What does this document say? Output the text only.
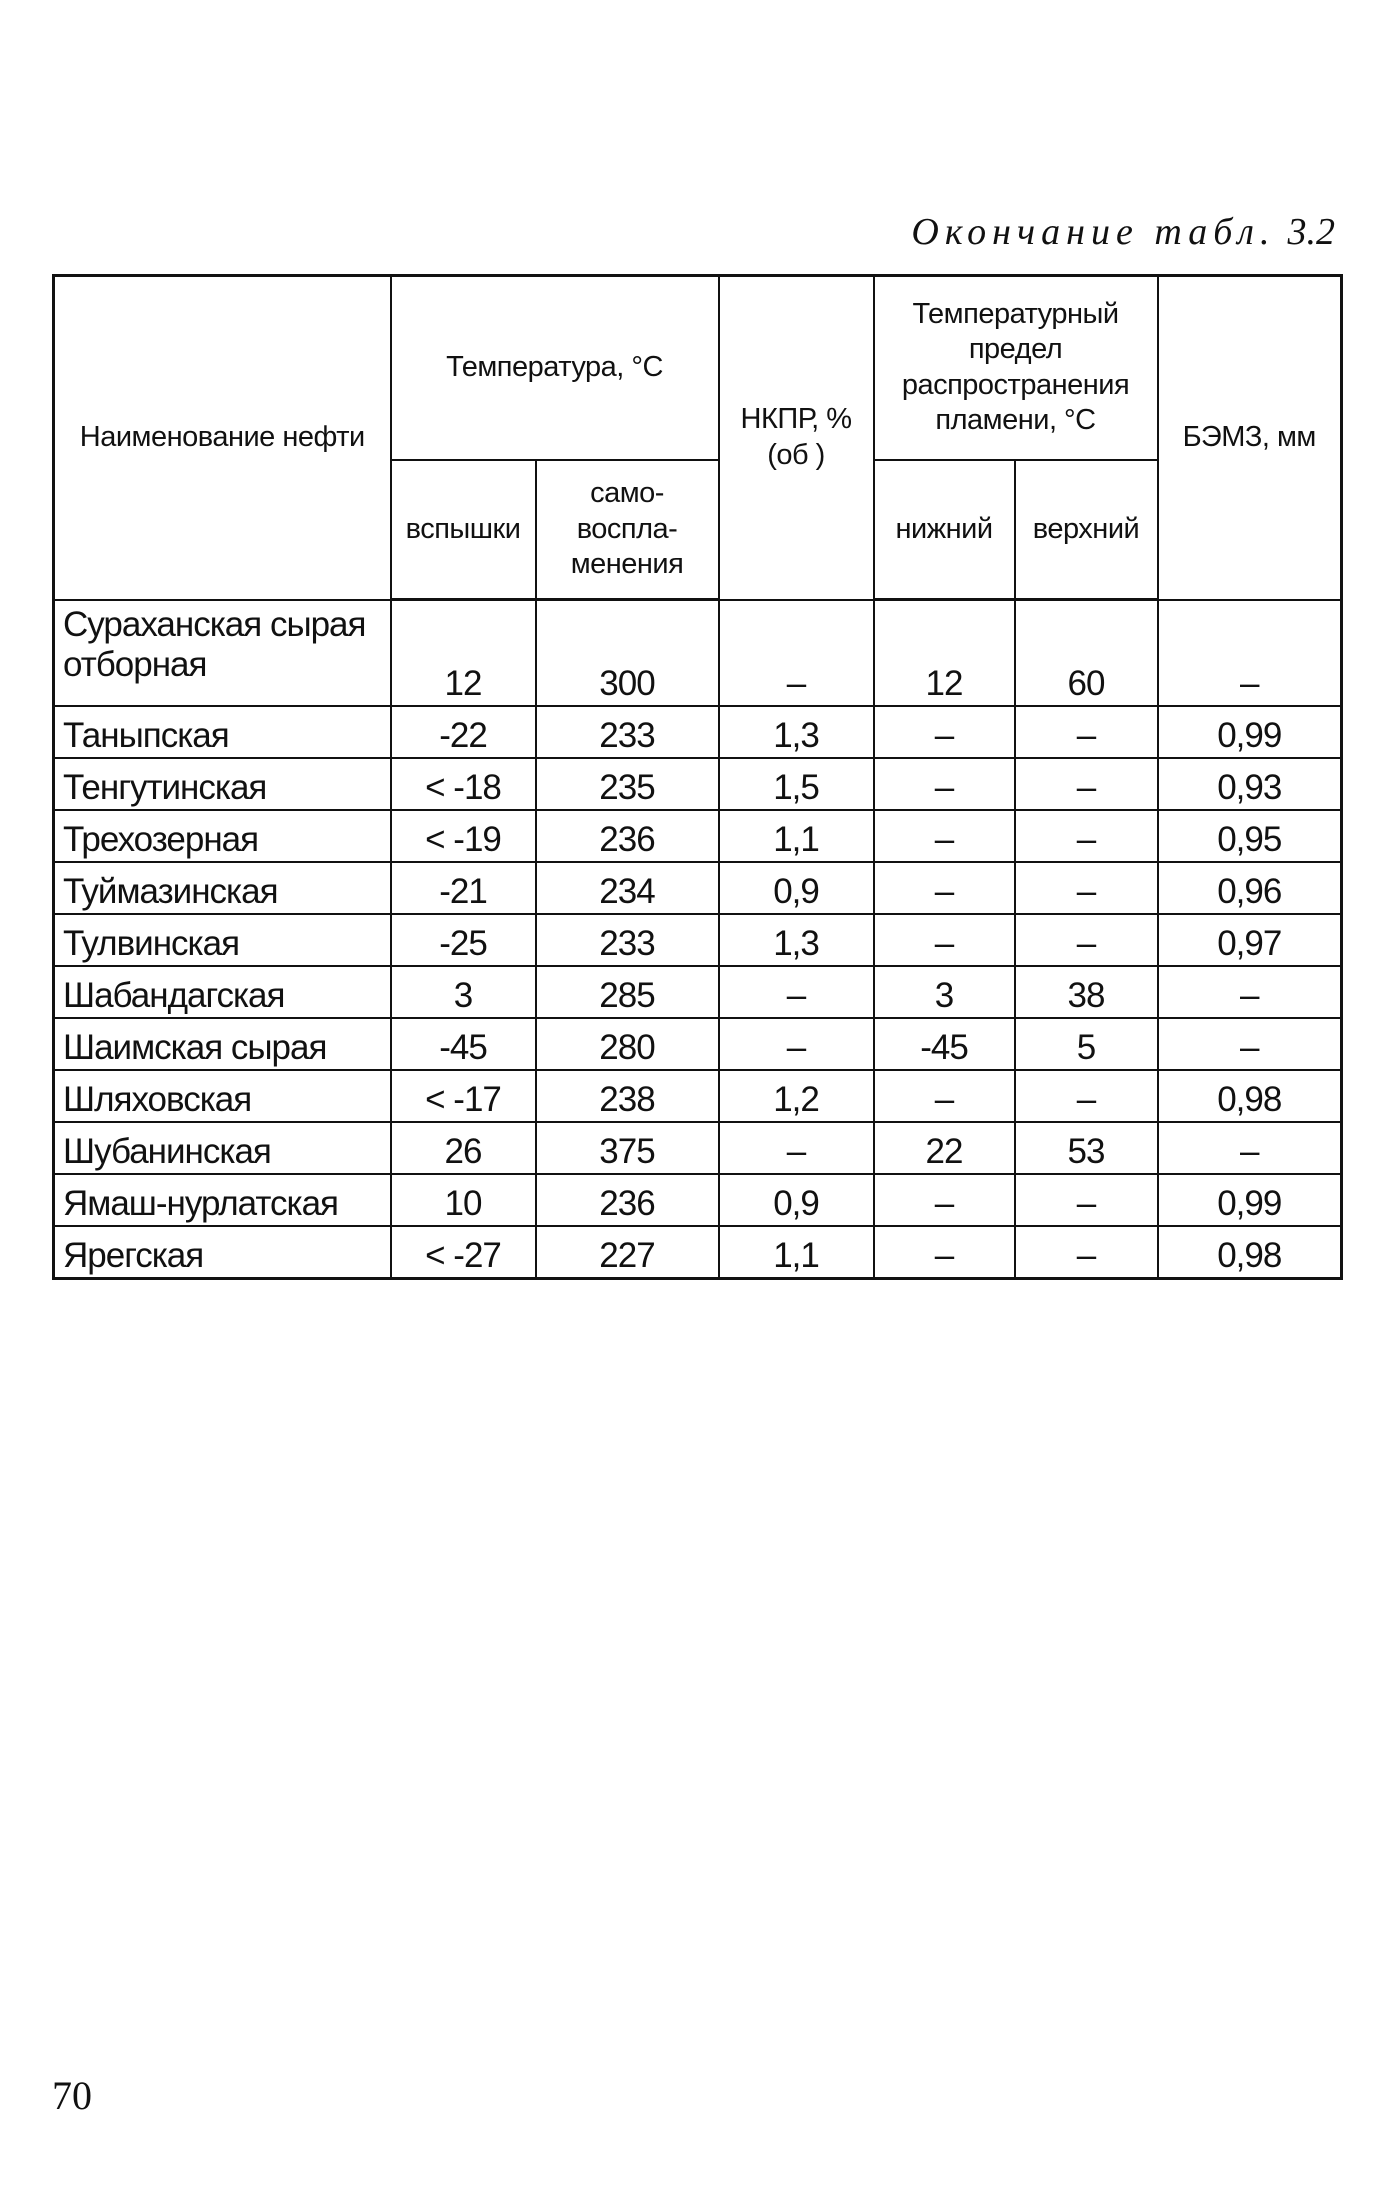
Окончание табл. 3.2
Наименование нефти	Температура, °С		НКПР, % (об )	Температурный предел распространения пламени, °С		БЭМЗ, мм
	вспышки	само- воспла- менения		нижний	верхний	
Сураханская сырая отборная	12	300	–	12	60	–
Таныпская	-22	233	1,3	–	–	0,99
Тенгутинская	< -18	235	1,5	–	–	0,93
Трехозерная	< -19	236	1,1	–	–	0,95
Туймазинская	-21	234	0,9	–	–	0,96
Тулвинская	-25	233	1,3	–	–	0,97
Шабандагская	3	285	–	3	38	–
Шаимская сырая	-45	280	–	-45	5	–
Шляховская	< -17	238	1,2	–	–	0,98
Шубанинская	26	375	–	22	53	–
Ямаш-нурлатская	10	236	0,9	–	–	0,99
Ярегская	< -27	227	1,1	–	–	0,98
70
